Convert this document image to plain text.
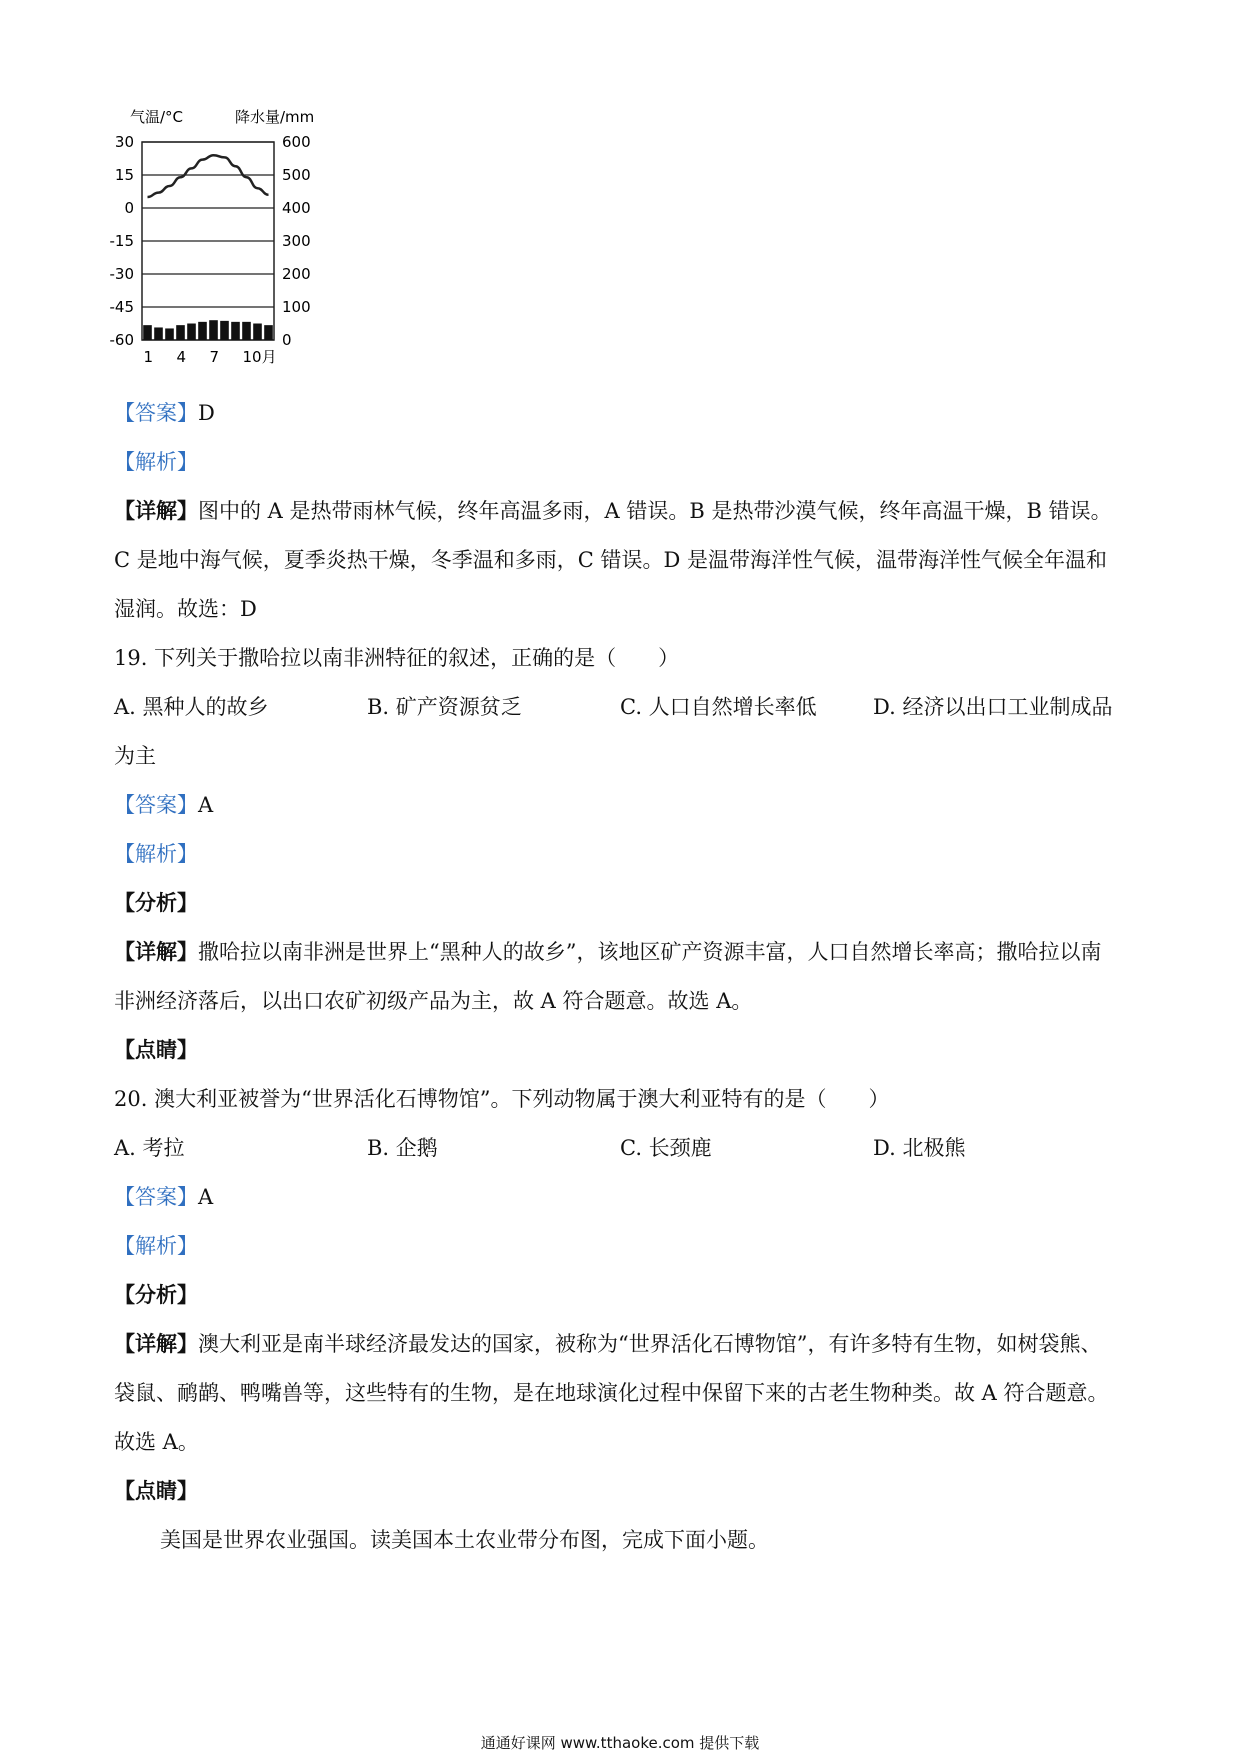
气温/°C	降水量/mm
30
15
0
-15
-30
-45
-60
600
500
400
300
200
100
0
1 4 7 10月
【答案】D
【解析】
【详解】图中的 A 是热带雨林气候，终年高温多雨，A 错误。B 是热带沙漠气候，终年高温干燥，B 错误。
C 是地中海气候，夏季炎热干燥，冬季温和多雨，C 错误。D 是温带海洋性气候，温带海洋性气候全年温和
湿润。故选：D
19. 下列关于撒哈拉以南非洲特征的叙述，正确的是（　　）
A. 黑种人的故乡	B. 矿产资源贫乏	C. 人口自然增长率低	D. 经济以出口工业制成品
为主
【答案】A
【解析】
【分析】
【详解】撒哈拉以南非洲是世界上“黑种人的故乡”，该地区矿产资源丰富，人口自然增长率高；撒哈拉以南
非洲经济落后，以出口农矿初级产品为主，故 A 符合题意。故选 A。
【点睛】
20. 澳大利亚被誉为“世界活化石博物馆”。下列动物属于澳大利亚特有的是（　　）
A. 考拉	B. 企鹅	C. 长颈鹿	D. 北极熊
【答案】A
【解析】
【分析】
【详解】澳大利亚是南半球经济最发达的国家，被称为“世界活化石博物馆”，有许多特有生物，如树袋熊、
袋鼠、鸸鹋、鸭嘴兽等，这些特有的生物，是在地球演化过程中保留下来的古老生物种类。故 A 符合题意。
故选 A。
【点睛】
美国是世界农业强国。读美国本土农业带分布图，完成下面小题。
通通好课网 www.tthaoke.com 提供下载
